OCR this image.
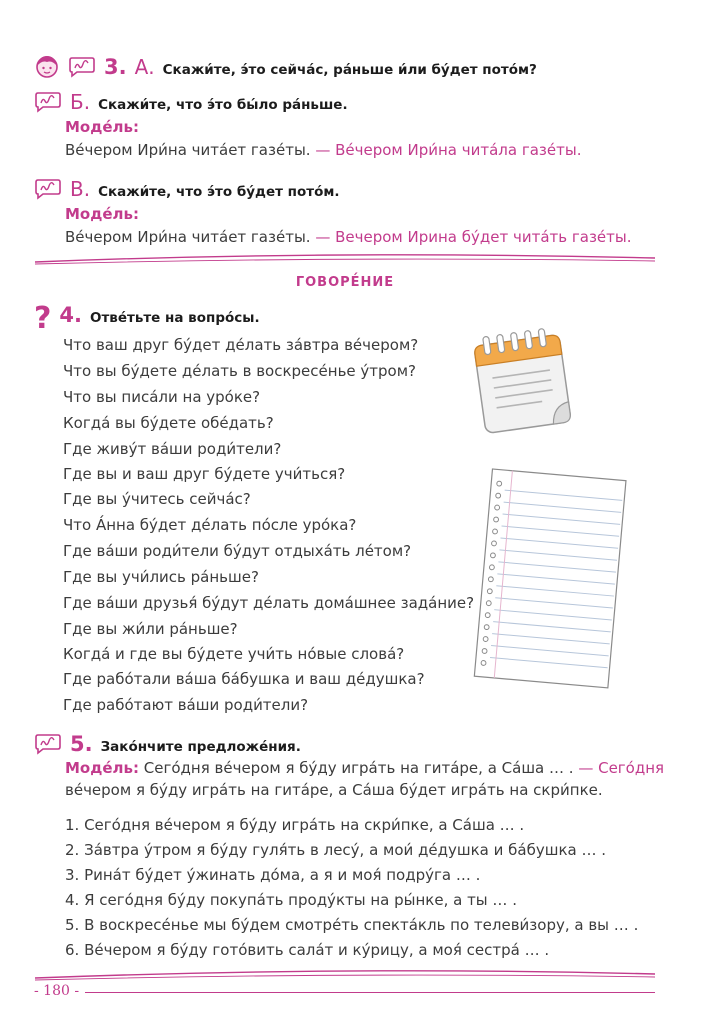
3. А. Скажи́те, э́то сейча́с, ра́ньше и́ли бу́дет пото́м?
Б. Скажи́те, что э́то бы́ло ра́ньше.
Моде́ль:
Ве́чером Ири́на чита́ет газе́ты. — Ве́чером Ири́на чита́ла газе́ты.
В. Скажи́те, что э́то бу́дет пото́м.
Моде́ль:
Ве́чером Ири́на чита́ет газе́ты. — Вечером Ирина бу́дет чита́ть газе́ты.
ГОВОРЕ́НИЕ
? 4. Отве́тьте на вопро́сы.
Что ваш друг бу́дет де́лать за́втра ве́чером?
Что вы бу́дете де́лать в воскресе́нье у́тром?
Что вы писа́ли на уро́ке?
Когда́ вы бу́дете обе́дать?
Где живу́т ва́ши роди́тели?
Где вы и ваш друг бу́дете учи́ться?
Где вы у́читесь сейча́с?
Что А́нна бу́дет де́лать по́сле уро́ка?
Где ва́ши роди́тели бу́дут отдыха́ть ле́том?
Где вы учи́лись ра́ньше?
Где ва́ши друзья́ бу́дут де́лать дома́шнее зада́ние?
Где вы жи́ли ра́ньше?
Когда́ и где вы бу́дете учи́ть но́вые слова́?
Где рабо́тали ва́ша ба́бушка и ваш де́душка?
Где рабо́тают ва́ши роди́тели?
5. Зако́нчите предложе́ния.
Моде́ль: Сего́дня ве́чером я бу́ду игра́ть на гита́ре, а Са́ша … . — Сего́дня
ве́чером я бу́ду игра́ть на гита́ре, а Са́ша бу́дет игра́ть на скри́пке.
1. Сего́дня ве́чером я бу́ду игра́ть на скри́пке, а Са́ша … .
2. За́втра у́тром я бу́ду гуля́ть в лесу́, а мои́ де́душка и ба́бушка … .
3. Рина́т бу́дет у́жинать до́ма, а я и моя́ подру́га … .
4. Я сего́дня бу́ду покупа́ть проду́кты на ры́нке, а ты … .
5. В воскресе́нье мы бу́дем смотре́ть спекта́кль по телеви́зору, а вы … .
6. Ве́чером я бу́ду гото́вить сала́т и ку́рицу, а моя́ сестра́ … .
- 180 -
